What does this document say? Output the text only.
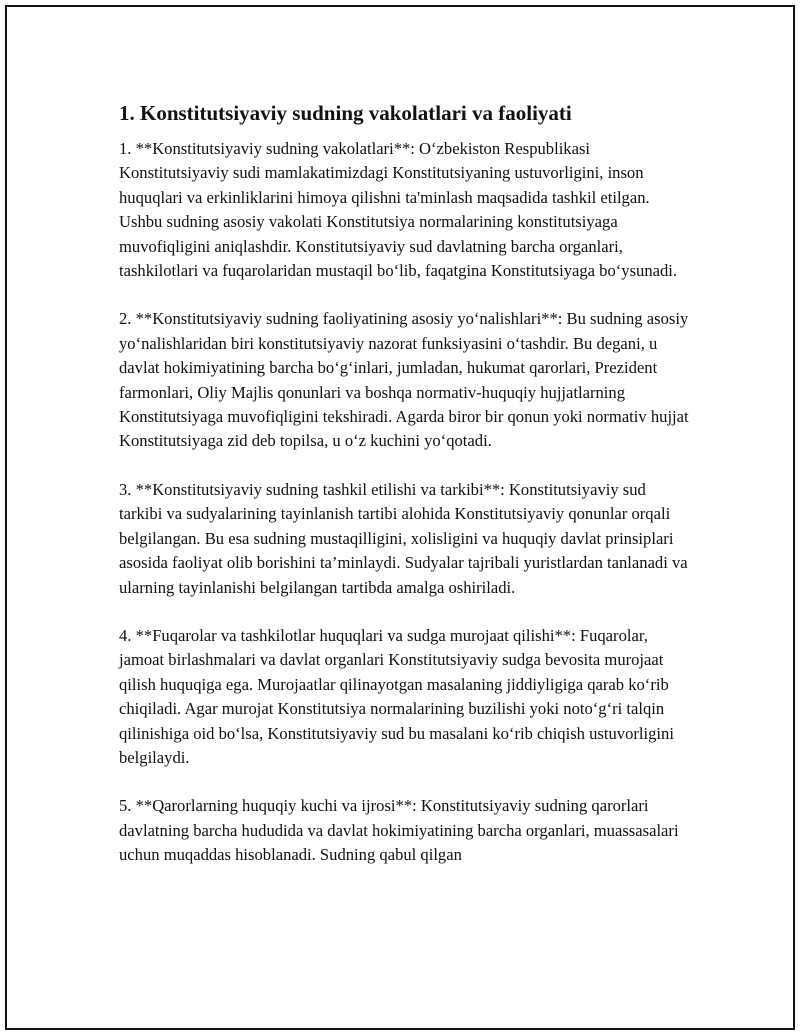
1. Konstitutsiyaviy sudning vakolatlari va faoliyati

1. **Konstitutsiyaviy sudning vakolatlari**: O‘zbekiston Respublikasi Konstitutsiyaviy sudi mamlakatimizdagi Konstitutsiyaning ustuvorligini, inson huquqlari va erkinliklarini himoya qilishni ta'minlash maqsadida tashkil etilgan. Ushbu sudning asosiy vakolati Konstitutsiya normalarining konstitutsiyaga muvofiqligini aniqlashdir. Konstitutsiyaviy sud davlatning barcha organlari, tashkilotlari va fuqarolaridan mustaqil bo‘lib, faqatgina Konstitutsiyaga bo‘ysunadi.

2. **Konstitutsiyaviy sudning faoliyatining asosiy yo‘nalishlari**: Bu sudning asosiy yo‘nalishlaridan biri konstitutsiyaviy nazorat funksiyasini o‘tashdir. Bu degani, u davlat hokimiyatining barcha bo‘g‘inlari, jumladan, hukumat qarorlari, Prezident farmonlari, Oliy Majlis qonunlari va boshqa normativ-huquqiy hujjatlarning Konstitutsiyaga muvofiqligini tekshiradi. Agarda biror bir qonun yoki normativ hujjat Konstitutsiyaga zid deb topilsa, u o‘z kuchini yo‘qotadi.

3. **Konstitutsiyaviy sudning tashkil etilishi va tarkibi**: Konstitutsiyaviy sud tarkibi va sudyalarining tayinlanish tartibi alohida Konstitutsiyaviy qonunlar orqali belgilangan. Bu esa sudning mustaqilligini, xolisligini va huquqiy davlat prinsiplari asosida faoliyat olib borishini ta’minlaydi. Sudyalar tajribali yuristlardan tanlanadi va ularning tayinlanishi belgilangan tartibda amalga oshiriladi.

4. **Fuqarolar va tashkilotlar huquqlari va sudga murojaat qilishi**: Fuqarolar, jamoat birlashmalari va davlat organlari Konstitutsiyaviy sudga bevosita murojaat qilish huquqiga ega. Murojaatlar qilinayotgan masalaning jiddiyligiga qarab ko‘rib chiqiladi. Agar murojat Konstitutsiya normalarining buzilishi yoki noto‘g‘ri talqin qilinishiga oid bo‘lsa, Konstitutsiyaviy sud bu masalani ko‘rib chiqish ustuvorligini belgilaydi.

5. **Qarorlarning huquqiy kuchi va ijrosi**: Konstitutsiyaviy sudning qarorlari davlatning barcha hududida va davlat hokimiyatining barcha organlari, muassasalari uchun muqaddas hisoblanadi. Sudning qabul qilgan
